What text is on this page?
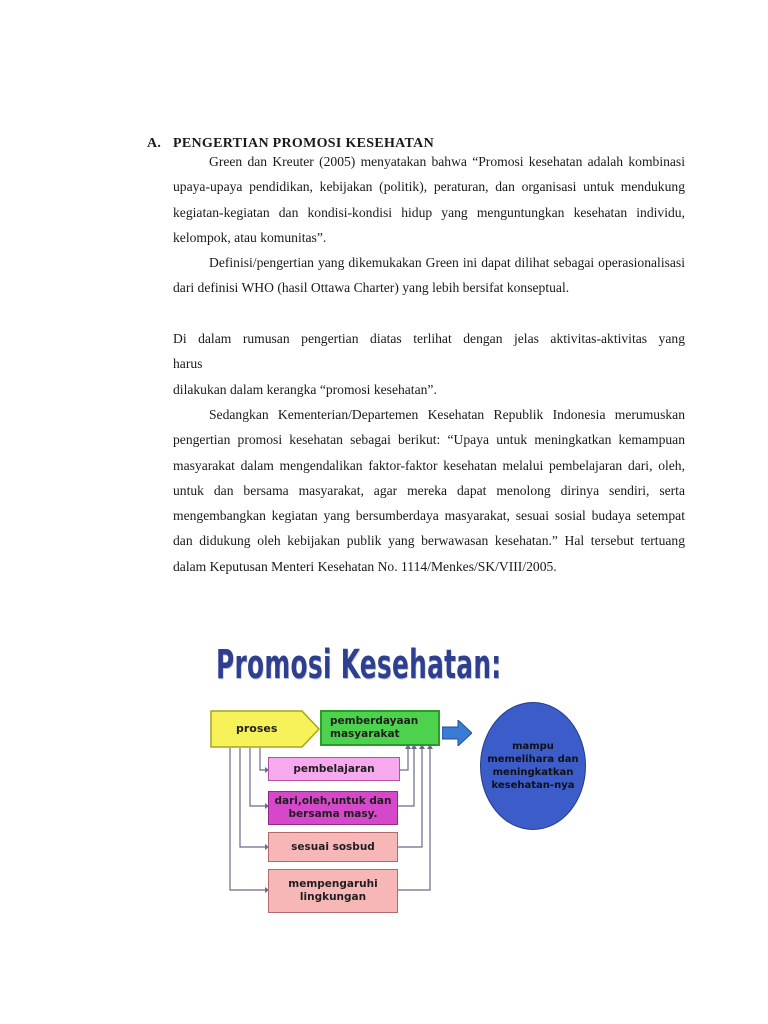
A. PENGERTIAN PROMOSI KESEHATAN

Green dan Kreuter (2005) menyatakan bahwa “Promosi kesehatan adalah kombinasi upaya-upaya pendidikan, kebijakan (politik), peraturan, dan organisasi untuk mendukung kegiatan-kegiatan dan kondisi-kondisi hidup yang menguntungkan kesehatan individu, kelompok, atau komunitas”.

Definisi/pengertian yang dikemukakan Green ini dapat dilihat sebagai operasionalisasi dari definisi WHO (hasil Ottawa Charter) yang lebih bersifat konseptual.

Di dalam rumusan pengertian diatas terlihat dengan jelas aktivitas-aktivitas yang

harus

dilakukan dalam kerangka “promosi kesehatan”.

Sedangkan Kementerian/Departemen Kesehatan Republik Indonesia merumuskan pengertian promosi kesehatan sebagai berikut: “Upaya untuk meningkatkan kemampuan masyarakat dalam mengendalikan faktor-faktor kesehatan melalui pembelajaran dari, oleh, untuk dan bersama masyarakat, agar mereka dapat menolong dirinya sendiri, serta mengembangkan kegiatan yang bersumberdaya masyarakat, sesuai sosial budaya setempat dan didukung oleh kebijakan publik yang berwawasan kesehatan.” Hal tersebut tertuang dalam Keputusan Menteri Kesehatan No. 1114/Menkes/SK/VIII/2005.

Promosi Kesehatan:
proses
pemberdayaan masyarakat
mampu memelihara dan meningkatkan kesehatan-nya
pembelajaran
dari,oleh,untuk dan bersama masy.
sesuai sosbud
mempengaruhi lingkungan
